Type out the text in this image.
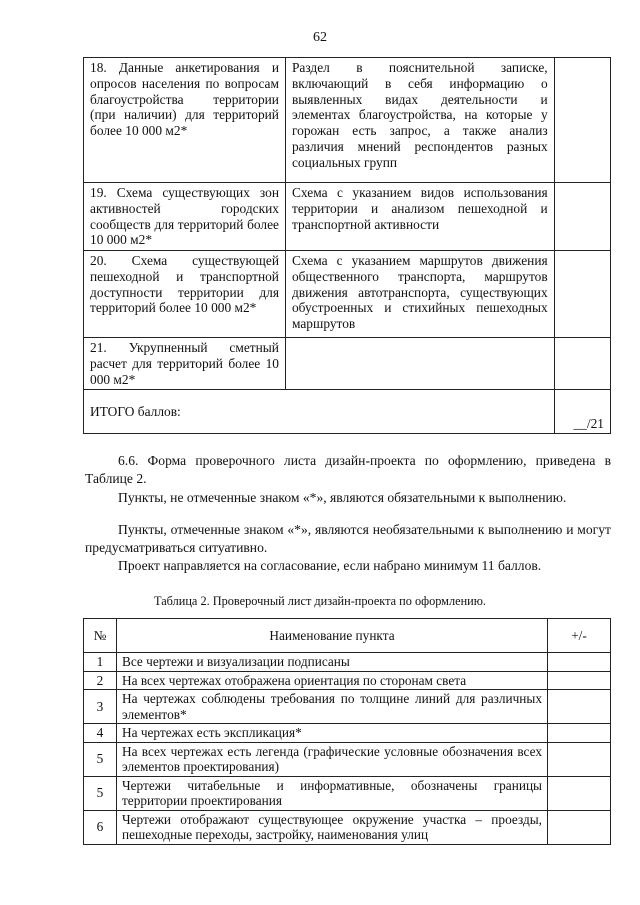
62
18. Данные анкетирования и опросов населения по вопросам благоустройства территории (при наличии) для территорий более 10 000 м2*	Раздел в пояснительной записке, включающий в себя информацию о выявленных видах деятельности и элементах благоустройства, на которые у горожан есть запрос, а также анализ различия мнений респондентов разных социальных групп	
19. Схема существующих зон активностей городских сообществ для территорий более 10 000 м2*	Схема с указанием видов использования территории и анализом пешеходной и транспортной активности	
20. Схема существующей пешеходной и транспортной доступности территории для территорий более 10 000 м2*	Схема с указанием маршрутов движения общественного транспорта, маршрутов движения автотранспорта, существующих обустроенных и стихийных пешеходных маршрутов	
21. Укрупненный сметный расчет для территорий более 10 000 м2*		
ИТОГО баллов:		__/21
6.6. Форма проверочного листа дизайн-проекта по оформлению, приведена в Таблице 2.
Пункты, не отмеченные знаком «*», являются обязательными к выполнению.
Пункты, отмеченные знаком «*», являются необязательными к выполнению и могут предусматриваться ситуативно.
Проект направляется на согласование, если набрано минимум 11 баллов.
Таблица 2. Проверочный лист дизайн-проекта по оформлению.
№	Наименование пункта	+/-
1	Все чертежи и визуализации подписаны	
2	На всех чертежах отображена ориентация по сторонам света	
3	На чертежах соблюдены требования по толщине линий для различных элементов*	
4	На чертежах есть экспликация*	
5	На всех чертежах есть легенда (графические условные обозначения всех элементов проектирования)	
5	Чертежи читабельные и информативные, обозначены границы территории проектирования	
6	Чертежи отображают существующее окружение участка – проезды, пешеходные переходы, застройку, наименования улиц	
